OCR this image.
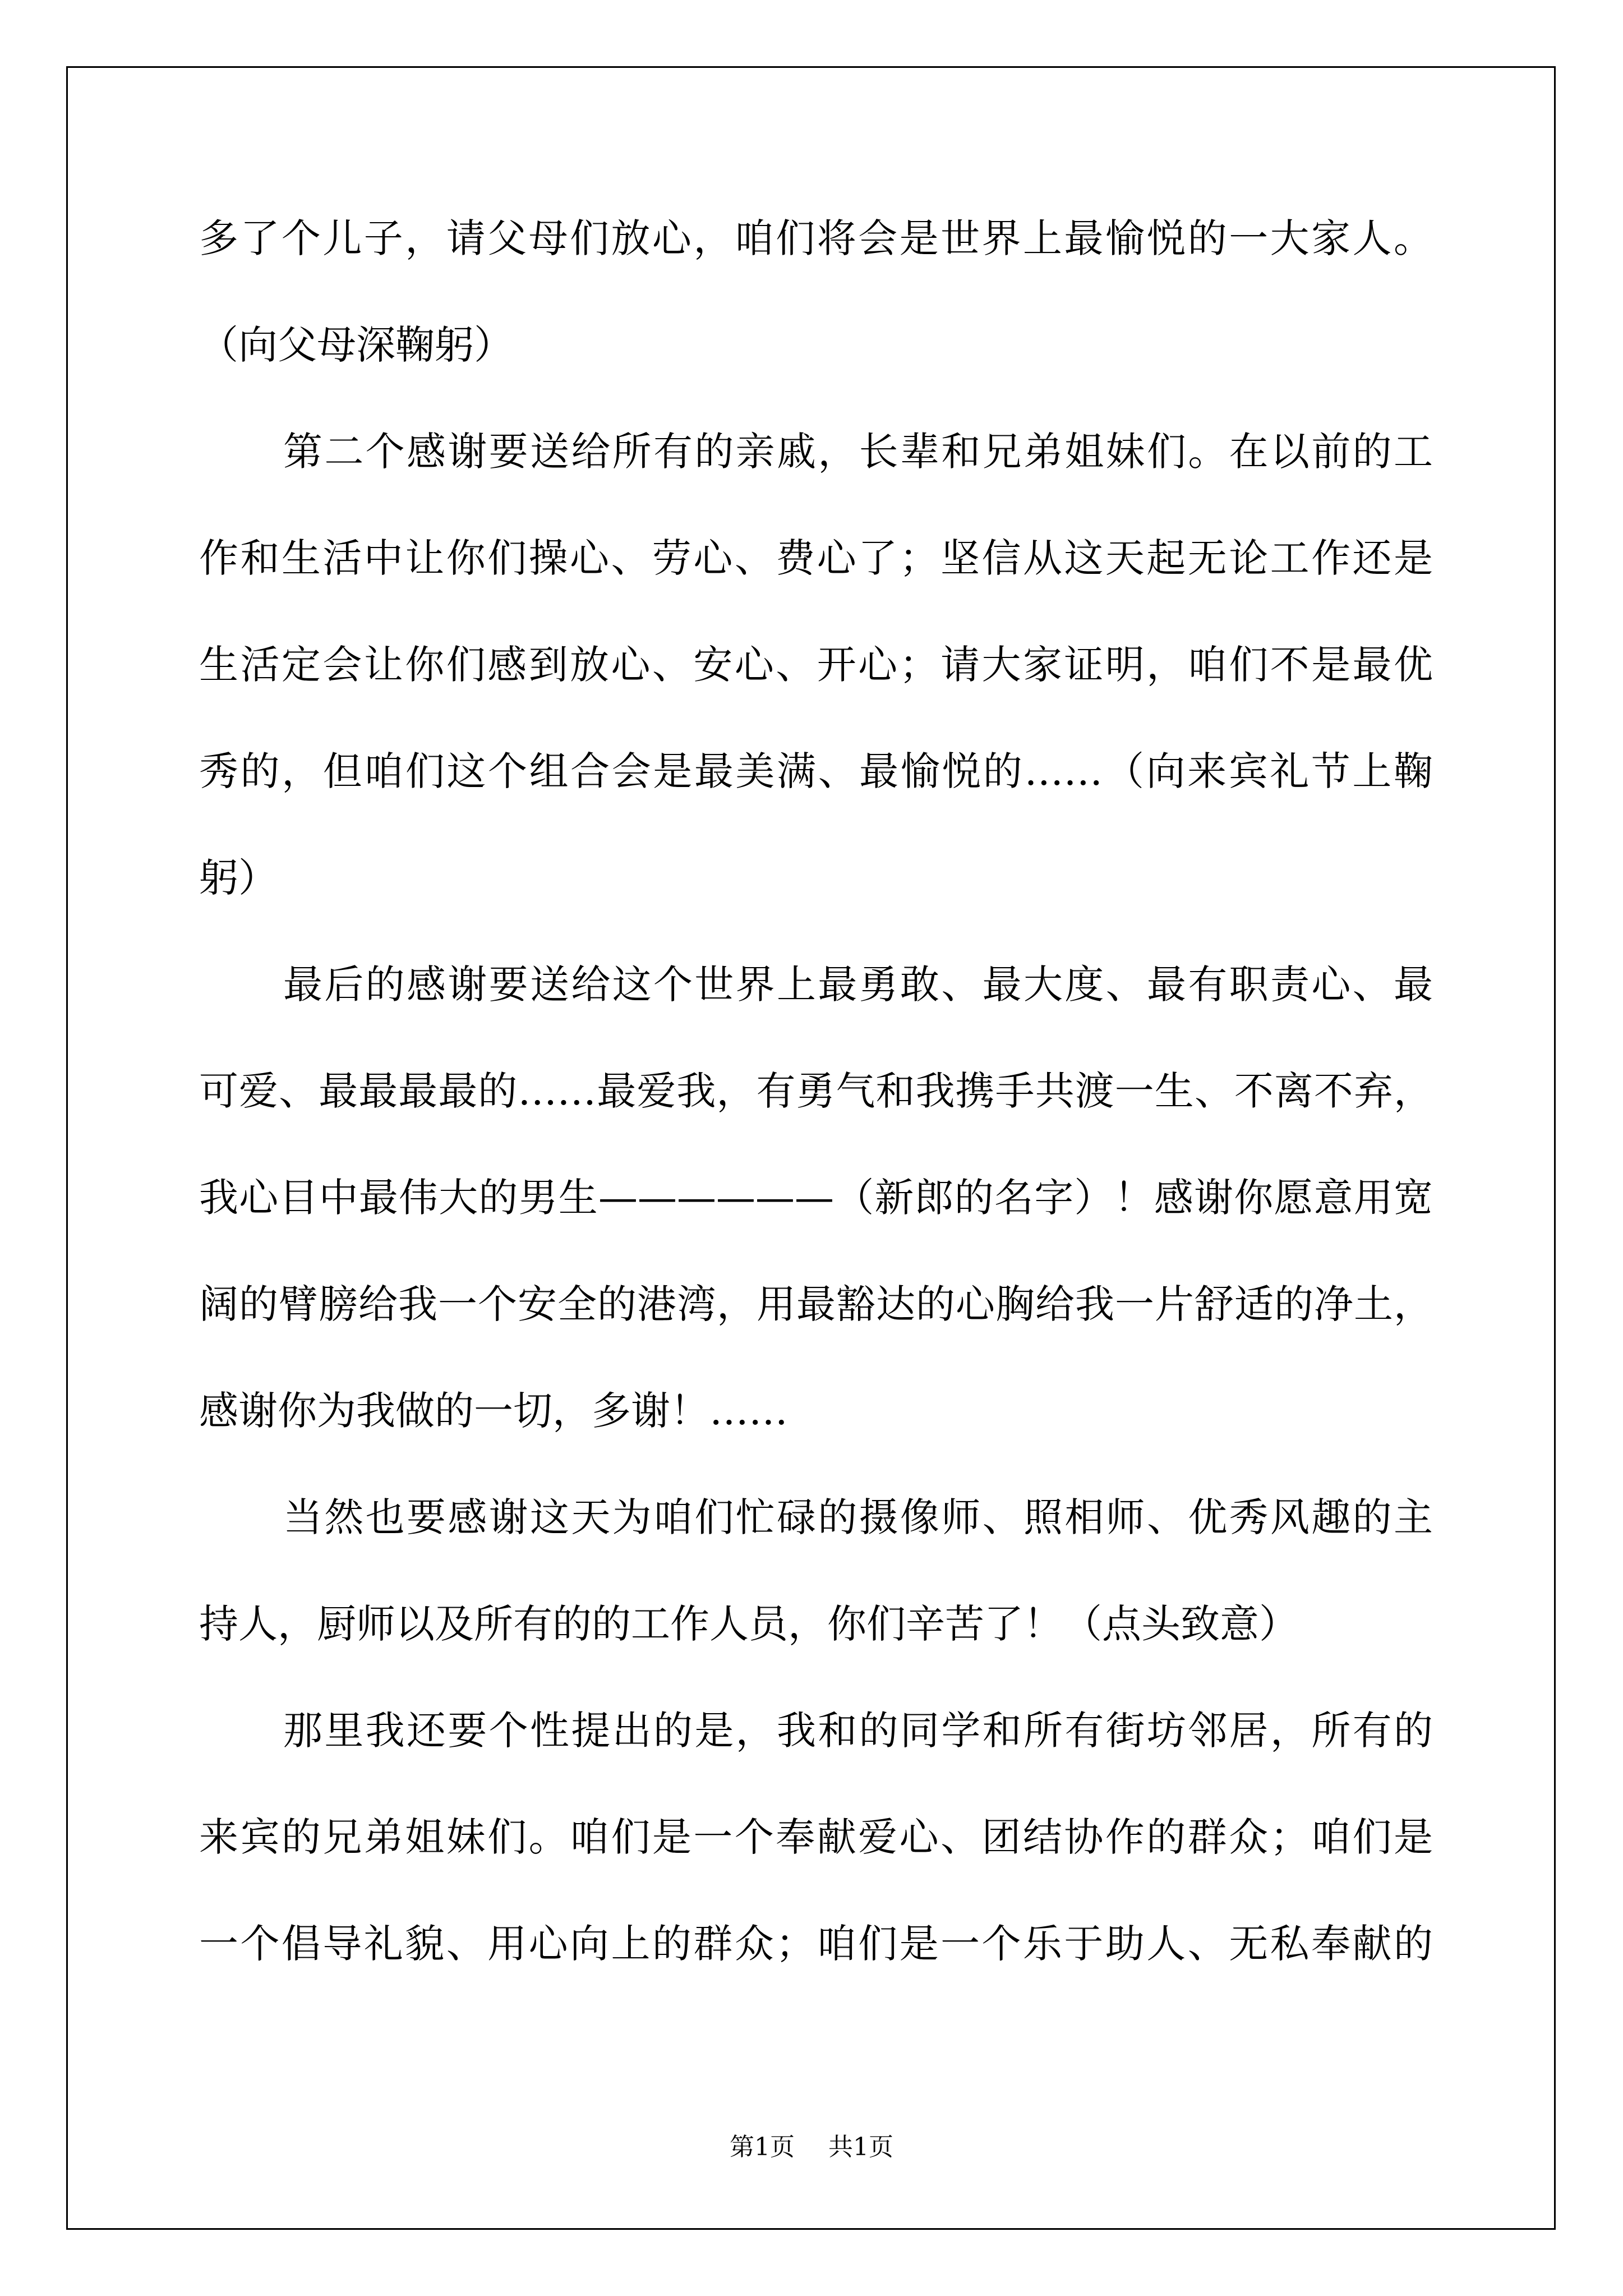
多了个儿子，请父母们放心，咱们将会是世界上最愉悦的一大家人。
（向父母深鞠躬）
第二个感谢要送给所有的亲戚，长辈和兄弟姐妹们。在以前的工
作和生活中让你们操心、劳心、费心了；坚信从这天起无论工作还是
生活定会让你们感到放心、安心、开心；请大家证明，咱们不是最优
秀的，但咱们这个组合会是最美满、最愉悦的……（向来宾礼节上鞠
躬）
最后的感谢要送给这个世界上最勇敢、最大度、最有职责心、最
可爱、最最最最的……最爱我，有勇气和我携手共渡一生、不离不弃，
我心目中最伟大的男生——————（新郎的名字）！感谢你愿意用宽
阔的臂膀给我一个安全的港湾，用最豁达的心胸给我一片舒适的净土，
感谢你为我做的一切，多谢！……
当然也要感谢这天为咱们忙碌的摄像师、照相师、优秀风趣的主
持人，厨师以及所有的的工作人员，你们辛苦了！（点头致意）
那里我还要个性提出的是，我和的同学和所有街坊邻居，所有的
来宾的兄弟姐妹们。咱们是一个奉献爱心、团结协作的群众；咱们是
一个倡导礼貌、用心向上的群众；咱们是一个乐于助人、无私奉献的
第1页 共1页
